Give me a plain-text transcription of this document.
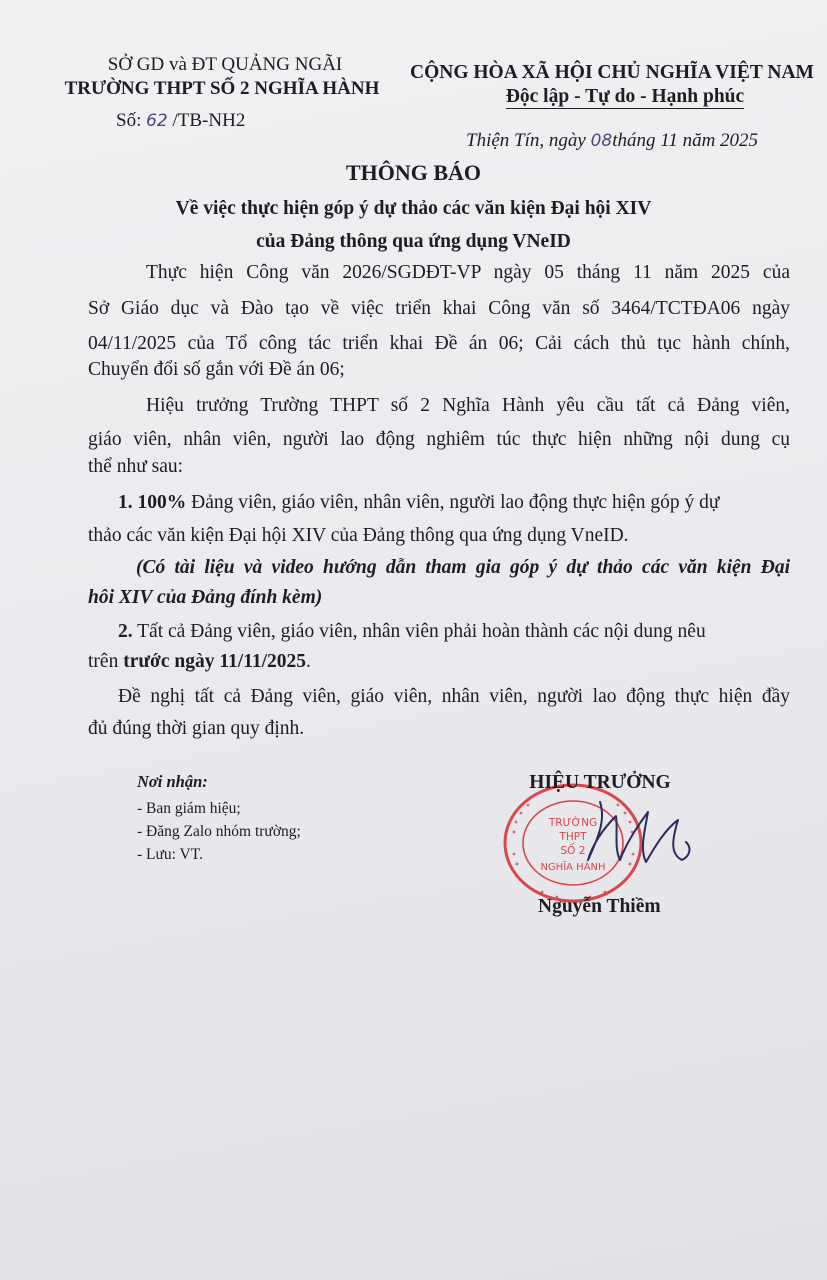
SỞ GD và ĐT QUẢNG NGÃI
TRƯỜNG THPT SỐ 2 NGHĨA HÀNH
Số: 62 /TB-NH2
CỘNG HÒA XÃ HỘI CHỦ NGHĨA VIỆT NAM
Độc lập - Tự do - Hạnh phúc
Thiện Tín, ngày 08tháng 11 năm 2025
THÔNG BÁO
Về việc thực hiện góp ý dự thảo các văn kiện Đại hội XIV
của Đảng thông qua ứng dụng VNeID
Thực hiện Công văn 2026/SGDĐT-VP ngày 05 tháng 11 năm 2025 của
Sở Giáo dục và Đào tạo về việc triển khai Công văn số 3464/TCTĐA06 ngày
04/11/2025 của Tổ công tác triển khai Đề án 06; Cải cách thủ tục hành chính,
Chuyển đổi số gắn với Đề án 06;
Hiệu trưởng Trường THPT số 2 Nghĩa Hành yêu cầu tất cả Đảng viên,
giáo viên, nhân viên, người lao động nghiêm túc thực hiện những nội dung cụ
thể như sau:
1. 100% Đảng viên, giáo viên, nhân viên, người lao động thực hiện góp ý dự
thảo các văn kiện Đại hội XIV của Đảng thông qua ứng dụng VneID.
(Có tài liệu và video hướng dẫn tham gia góp ý dự thảo các văn kiện Đại
hôi XIV của Đảng đính kèm)
2. Tất cả Đảng viên, giáo viên, nhân viên phải hoàn thành các nội dung nêu
trên trước ngày 11/11/2025.
Đề nghị tất cả Đảng viên, giáo viên, nhân viên, người lao động thực hiện đầy
đủ đúng thời gian quy định.
Nơi nhận:
- Ban giám hiệu;
- Đăng Zalo nhóm trường;
- Lưu: VT.
TRƯỜNG
THPT
SỐ 2
NGHĨA HÀNH
HIỆU TRƯỞNG
Nguyễn Thiềm
